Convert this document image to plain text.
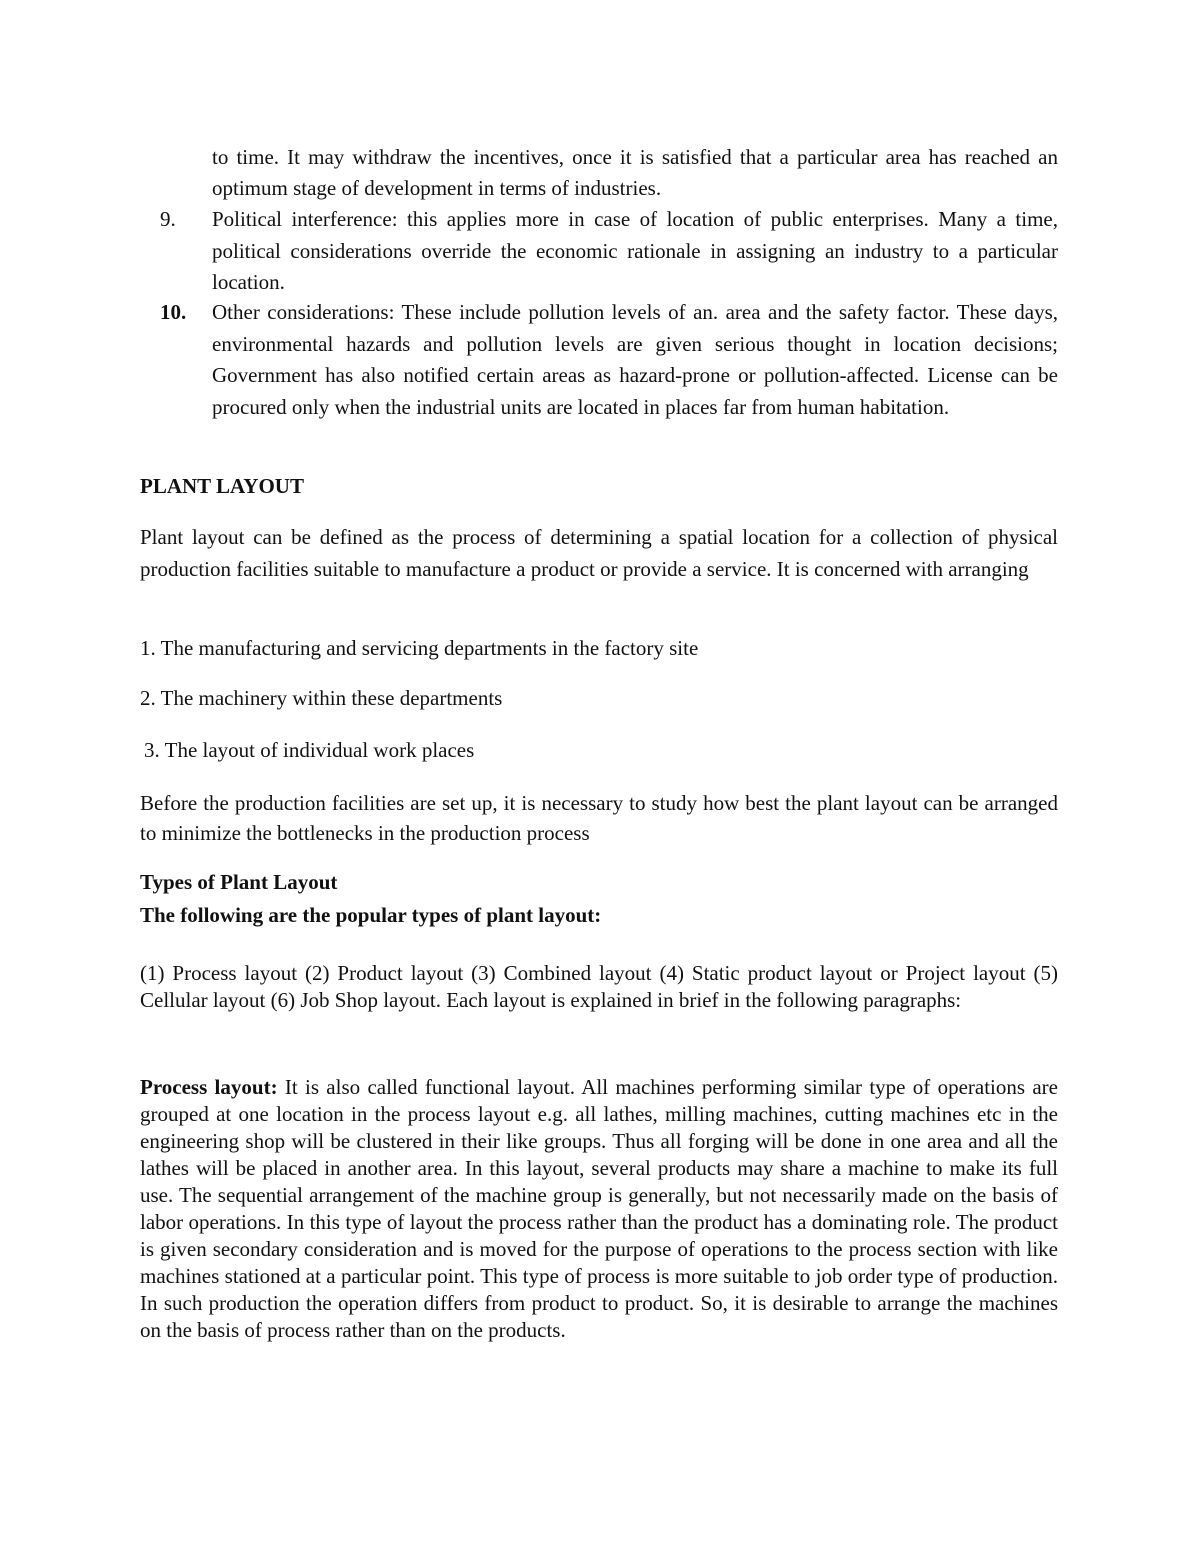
to time. It may withdraw the incentives, once it is satisfied that a particular area has reached an optimum stage of development in terms of industries.

9.	Political interference: this applies more in case of location of public enterprises. Many a time, political considerations override the economic rationale in assigning an industry to a particular location.
10.	Other considerations: These include pollution levels of an. area and the safety factor. These days, environmental hazards and pollution levels are given serious thought in location decisions; Government has also notified certain areas as hazard-prone or pollution-affected. License can be procured only when the industrial units are located in places far from human habitation.
PLANT LAYOUT

Plant layout can be defined as the process of determining a spatial location for a collection of physical production facilities suitable to manufacture a product or provide a service. It is concerned with arranging

1. The manufacturing and servicing departments in the factory site

2. The machinery within these departments

3. The layout of individual work places

Before the production facilities are set up, it is necessary to study how best the plant layout can be arranged to minimize the bottlenecks in the production process

Types of Plant Layout
The following are the popular types of plant layout:

(1) Process layout (2) Product layout (3) Combined layout (4) Static product layout or Project layout (5) Cellular layout (6) Job Shop layout. Each layout is explained in brief in the following paragraphs:

Process layout: It is also called functional layout. All machines performing similar type of operations are grouped at one location in the process layout e.g. all lathes, milling machines, cutting machines etc in the engineering shop will be clustered in their like groups. Thus all forging will be done in one area and all the lathes will be placed in another area. In this layout, several products may share a machine to make its full use. The sequential arrangement of the machine group is generally, but not necessarily made on the basis of labor operations. In this type of layout the process rather than the product has a dominating role. The product is given secondary consideration and is moved for the purpose of operations to the process section with like machines stationed at a particular point. This type of process is more suitable to job order type of production. In such production the operation differs from product to product. So, it is desirable to arrange the machines on the basis of process rather than on the products.
